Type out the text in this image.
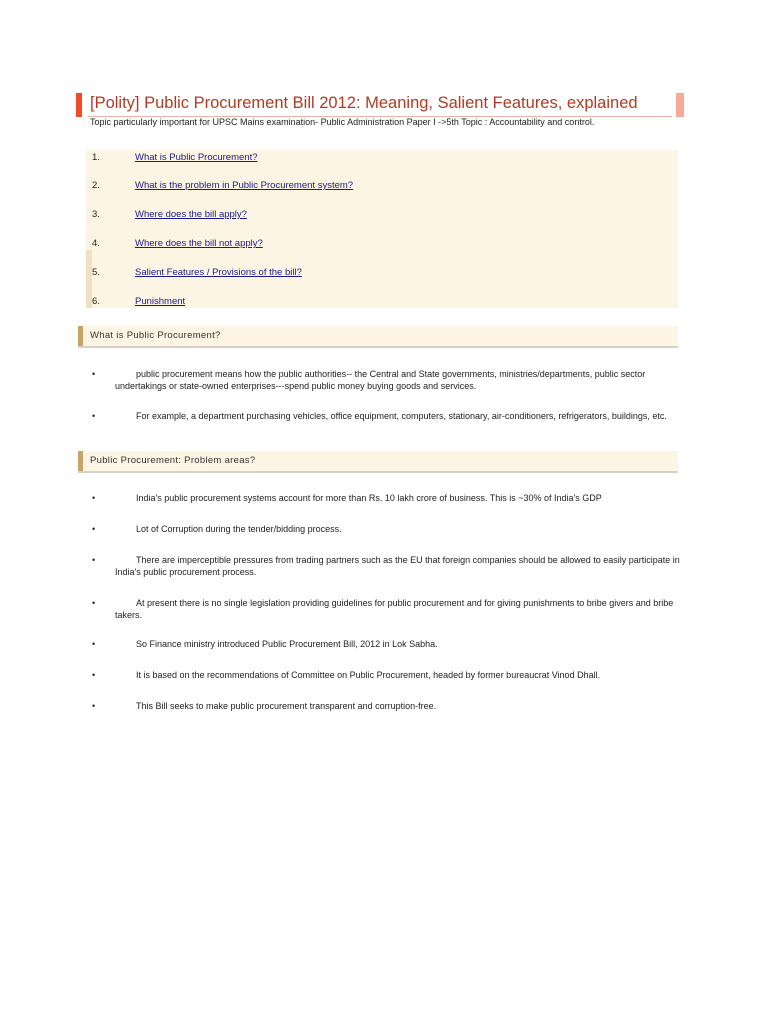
[Polity] Public Procurement Bill 2012: Meaning, Salient Features, explained
Topic particularly important for UPSC Mains examination- Public Administration Paper I ->5th Topic : Accountability and control.
1.	What is Public Procurement?
2.	What is the problem in Public Procurement system?
3.	Where does the bill apply?
4.	Where does the bill not apply?
5.	Salient Features / Provisions of the bill?
6.	Punishment
What is Public Procurement?
•	public procurement means how the public authorities-- the Central and State governments, ministries/departments, public sector undertakings or state-owned enterprises---spend public money buying goods and services.
•	For example, a department purchasing vehicles, office equipment, computers, stationary, air-conditioners, refrigerators, buildings, etc.
Public Procurement: Problem areas?
•	India's public procurement systems account for more than Rs. 10 lakh crore of business. This is ~30% of India's GDP
•	Lot of Corruption during the tender/bidding process.
•	There are imperceptible pressures from trading partners such as the EU that foreign companies should be allowed to easily participate in India's public procurement process.
•	At present there is no single legislation providing guidelines for public procurement and for giving punishments to bribe givers and bribe takers.
•	So Finance ministry introduced Public Procurement Bill, 2012 in Lok Sabha.
•	It is based on the recommendations of Committee on Public Procurement, headed by former bureaucrat Vinod Dhall.
•	This Bill seeks to make public procurement transparent and corruption-free.
